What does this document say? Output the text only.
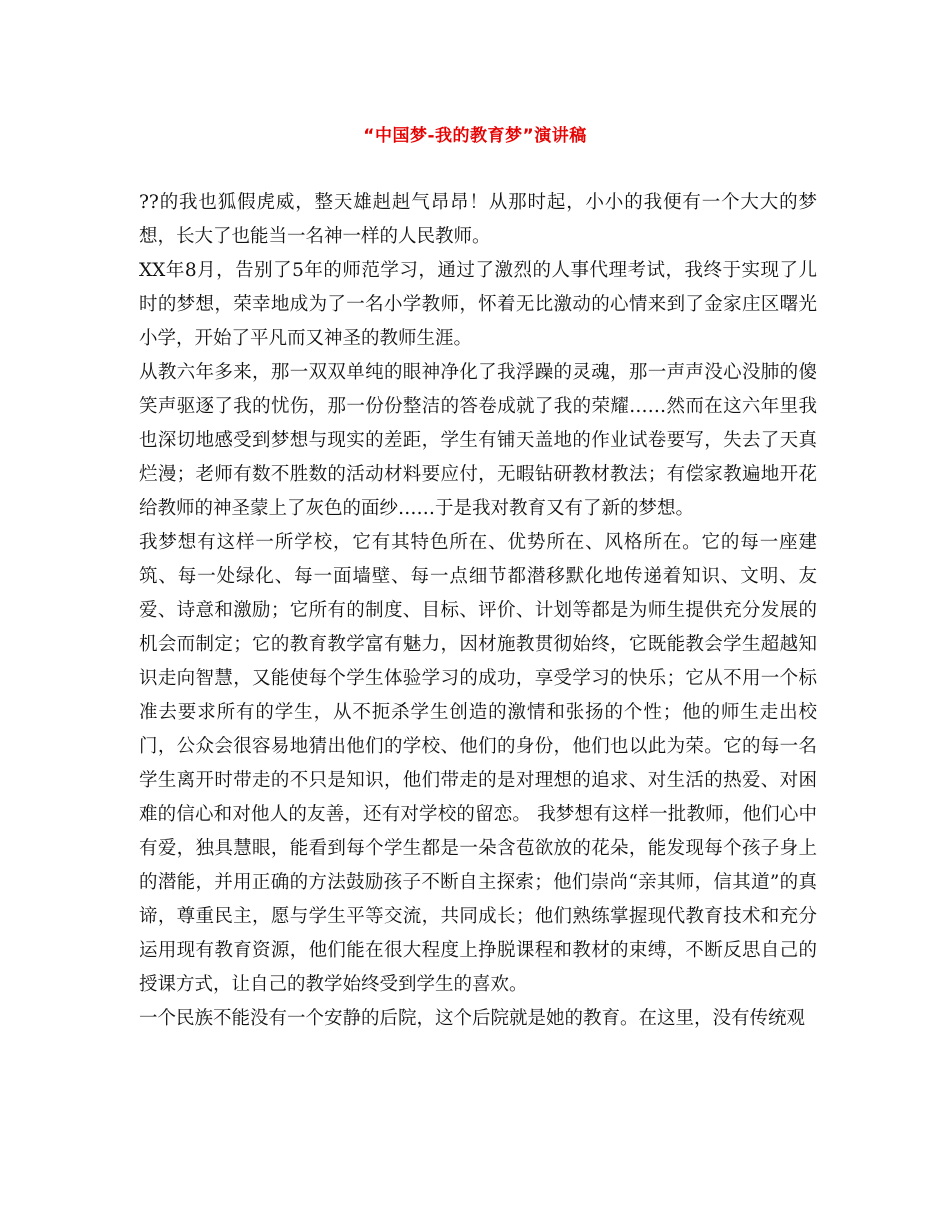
“中国梦-我的教育梦”演讲稿

??的我也狐假虎威，整天雄赳赳气昂昂！从那时起，小小的我便有一个大大的梦想，长大了也能当一名神一样的人民教师。

XX年8月，告别了5年的师范学习，通过了激烈的人事代理考试，我终于实现了儿时的梦想，荣幸地成为了一名小学教师，怀着无比激动的心情来到了金家庄区曙光小学，开始了平凡而又神圣的教师生涯。

从教六年多来，那一双双单纯的眼神净化了我浮躁的灵魂，那一声声没心没肺的傻笑声驱逐了我的忧伤，那一份份整洁的答卷成就了我的荣耀……然而在这六年里我也深切地感受到梦想与现实的差距，学生有铺天盖地的作业试卷要写，失去了天真烂漫；老师有数不胜数的活动材料要应付，无暇钻研教材教法；有偿家教遍地开花给教师的神圣蒙上了灰色的面纱……于是我对教育又有了新的梦想。

我梦想有这样一所学校，它有其特色所在、优势所在、风格所在。它的每一座建筑、每一处绿化、每一面墙壁、每一点细节都潜移默化地传递着知识、文明、友爱、诗意和激励；它所有的制度、目标、评价、计划等都是为师生提供充分发展的机会而制定；它的教育教学富有魅力，因材施教贯彻始终，它既能教会学生超越知识走向智慧，又能使每个学生体验学习的成功，享受学习的快乐；它从不用一个标准去要求所有的学生，从不扼杀学生创造的激情和张扬的个性；他的师生走出校门，公众会很容易地猜出他们的学校、他们的身份，他们也以此为荣。它的每一名学生离开时带走的不只是知识，他们带走的是对理想的追求、对生活的热爱、对困难的信心和对他人的友善，还有对学校的留恋。 我梦想有这样一批教师，他们心中有爱，独具慧眼，能看到每个学生都是一朵含苞欲放的花朵，能发现每个孩子身上的潜能，并用正确的方法鼓励孩子不断自主探索；他们崇尚“亲其师，信其道”的真谛，尊重民主，愿与学生平等交流，共同成长；他们熟练掌握现代教育技术和充分运用现有教育资源，他们能在很大程度上挣脱课程和教材的束缚，不断反思自己的授课方式，让自己的教学始终受到学生的喜欢。

一个民族不能没有一个安静的后院，这个后院就是她的教育。在这里，没有传统观
